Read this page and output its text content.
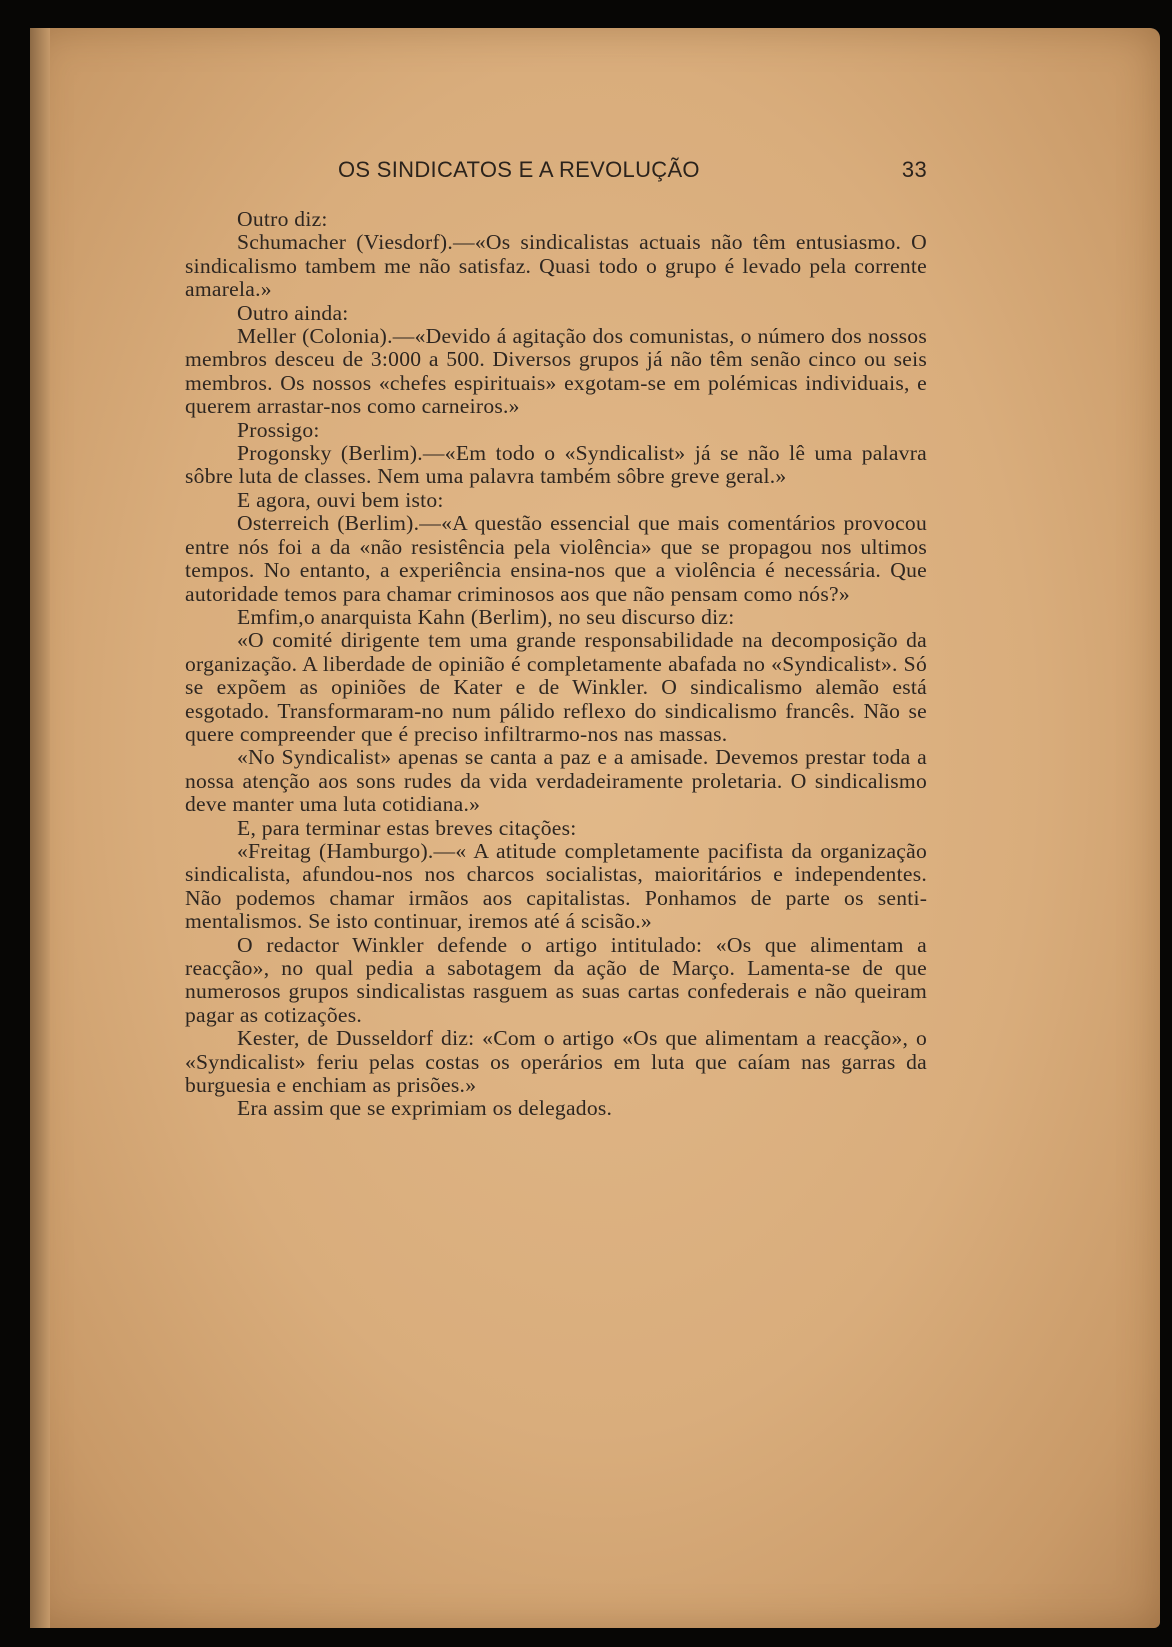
OS SINDICATOS E A REVOLUÇÃO	33

Outro diz:

Schumacher (Viesdorf).—«Os sindicalistas actuais não têm entusiasmo. O sindicalismo tambem me não satisfaz. Quasi todo o grupo é levado pela corrente amarela.»

Outro ainda:

Meller (Colonia).—«Devido á agitação dos comunistas, o número dos nossos membros desceu de 3:000 a 500. Diversos grupos já não têm senão cinco ou seis membros. Os nossos «chefes espirituais» exgotam-se em polémicas individuais, e querem arrastar-nos como carneiros.»

Prossigo:

Progonsky (Berlim).—«Em todo o «Syndicalist» já se não lê uma palavra sôbre luta de classes. Nem uma palavra também sôbre greve geral.»

E agora, ouvi bem isto:

Osterreich (Berlim).—«A questão essencial que mais comentários provocou entre nós foi a da «não resistência pela violência» que se propagou nos ultimos tempos. No entanto, a experiência ensina-nos que a violência é necessária. Que autoridade temos para chamar criminosos aos que não pensam como nós?»

Emfim,o anarquista Kahn (Berlim), no seu discurso diz:

«O comité dirigente tem uma grande responsabilidade na decomposição da organização. A liberdade de opinião é completamente abafada no «Syndicalist». Só se expõem as opiniões de Kater e de Winkler. O sindicalismo alemão está esgotado. Transformaram-no num pálido reflexo do sindicalismo francês. Não se quere compreender que é preciso infiltrarmo-nos nas massas.

«No Syndicalist» apenas se canta a paz e a amisade. Devemos prestar toda a nossa atenção aos sons rudes da vida verdadeiramente proletaria. O sindicalismo deve manter uma luta cotidiana.»

E, para terminar estas breves citações:

«Freitag (Hamburgo).—« A atitude completamente pacifista da organização sindicalista, afundou-nos nos charcos socialistas, maioritários e independentes. Não podemos chamar irmãos aos capitalistas. Ponhamos de parte os sentimentalismos. Se isto continuar, iremos até á scisão.»

O redactor Winkler defende o artigo intitulado: «Os que alimentam a reacção», no qual pedia a sabotagem da ação de Março. Lamenta-se de que numerosos grupos sindicalistas rasguem as suas cartas confederais e não queiram pagar as cotizações.

Kester, de Dusseldorf diz: «Com o artigo «Os que alimentam a reacção», o «Syndicalist» feriu pelas costas os operários em luta que caíam nas garras da burguesia e enchiam as prisões.»

Era assim que se exprimiam os delegados.
